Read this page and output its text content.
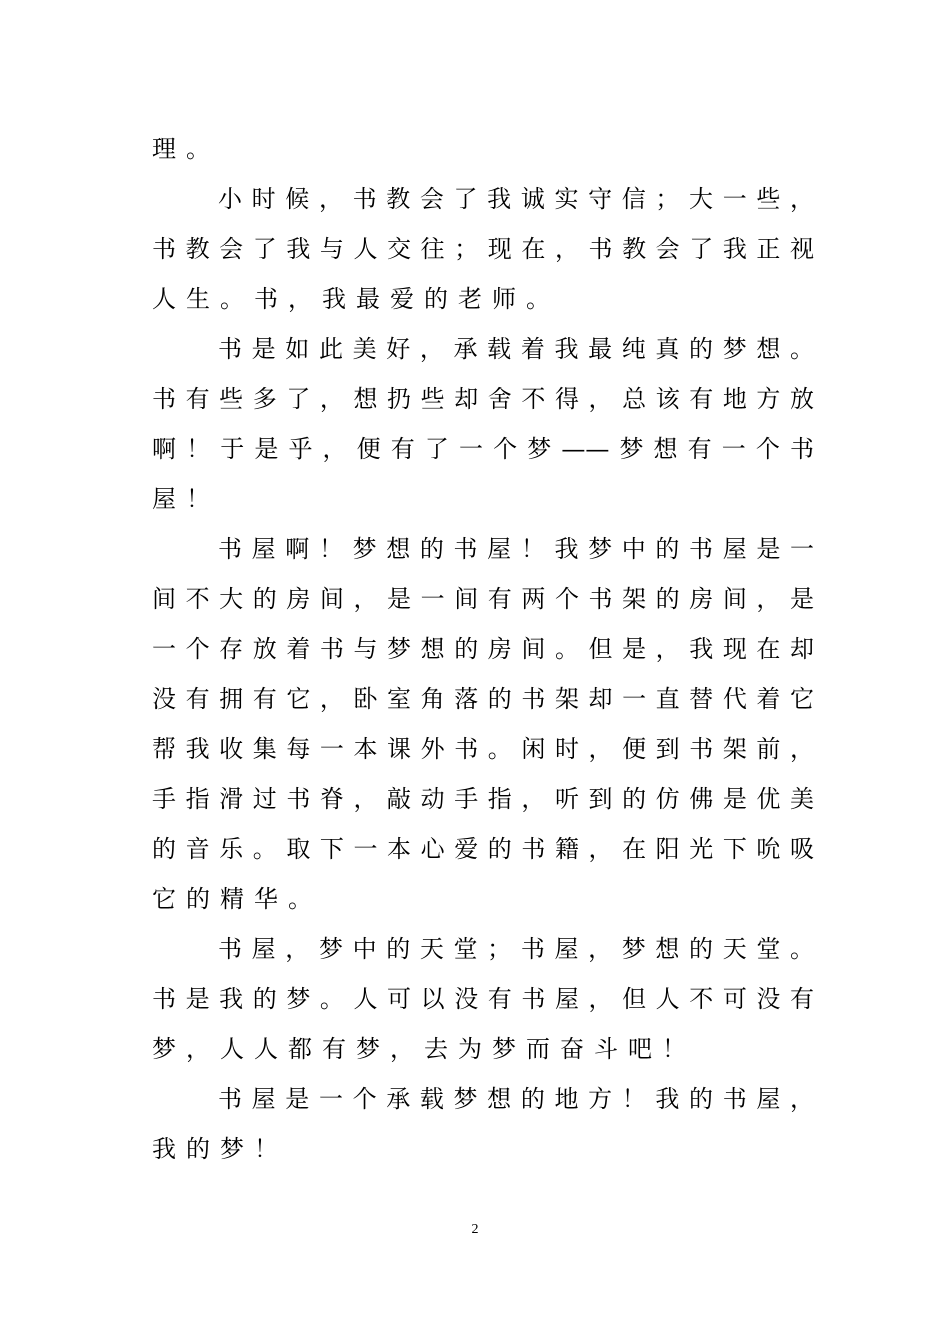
理。
小时候，书教会了我诚实守信；大一些，
书教会了我与人交往；现在，书教会了我正视
人生。书，我最爱的老师。
书是如此美好，承载着我最纯真的梦想。
书有些多了，想扔些却舍不得，总该有地方放
啊！于是乎，便有了一个梦——梦想有一个书
屋！
书屋啊！梦想的书屋！我梦中的书屋是一
间不大的房间，是一间有两个书架的房间，是
一个存放着书与梦想的房间。但是，我现在却
没有拥有它，卧室角落的书架却一直替代着它
帮我收集每一本课外书。闲时，便到书架前，
手指滑过书脊，敲动手指，听到的仿佛是优美
的音乐。取下一本心爱的书籍，在阳光下吮吸
它的精华。
书屋，梦中的天堂；书屋，梦想的天堂。
书是我的梦。人可以没有书屋，但人不可没有
梦，人人都有梦，去为梦而奋斗吧！
书屋是一个承载梦想的地方！我的书屋，
我的梦！
2
